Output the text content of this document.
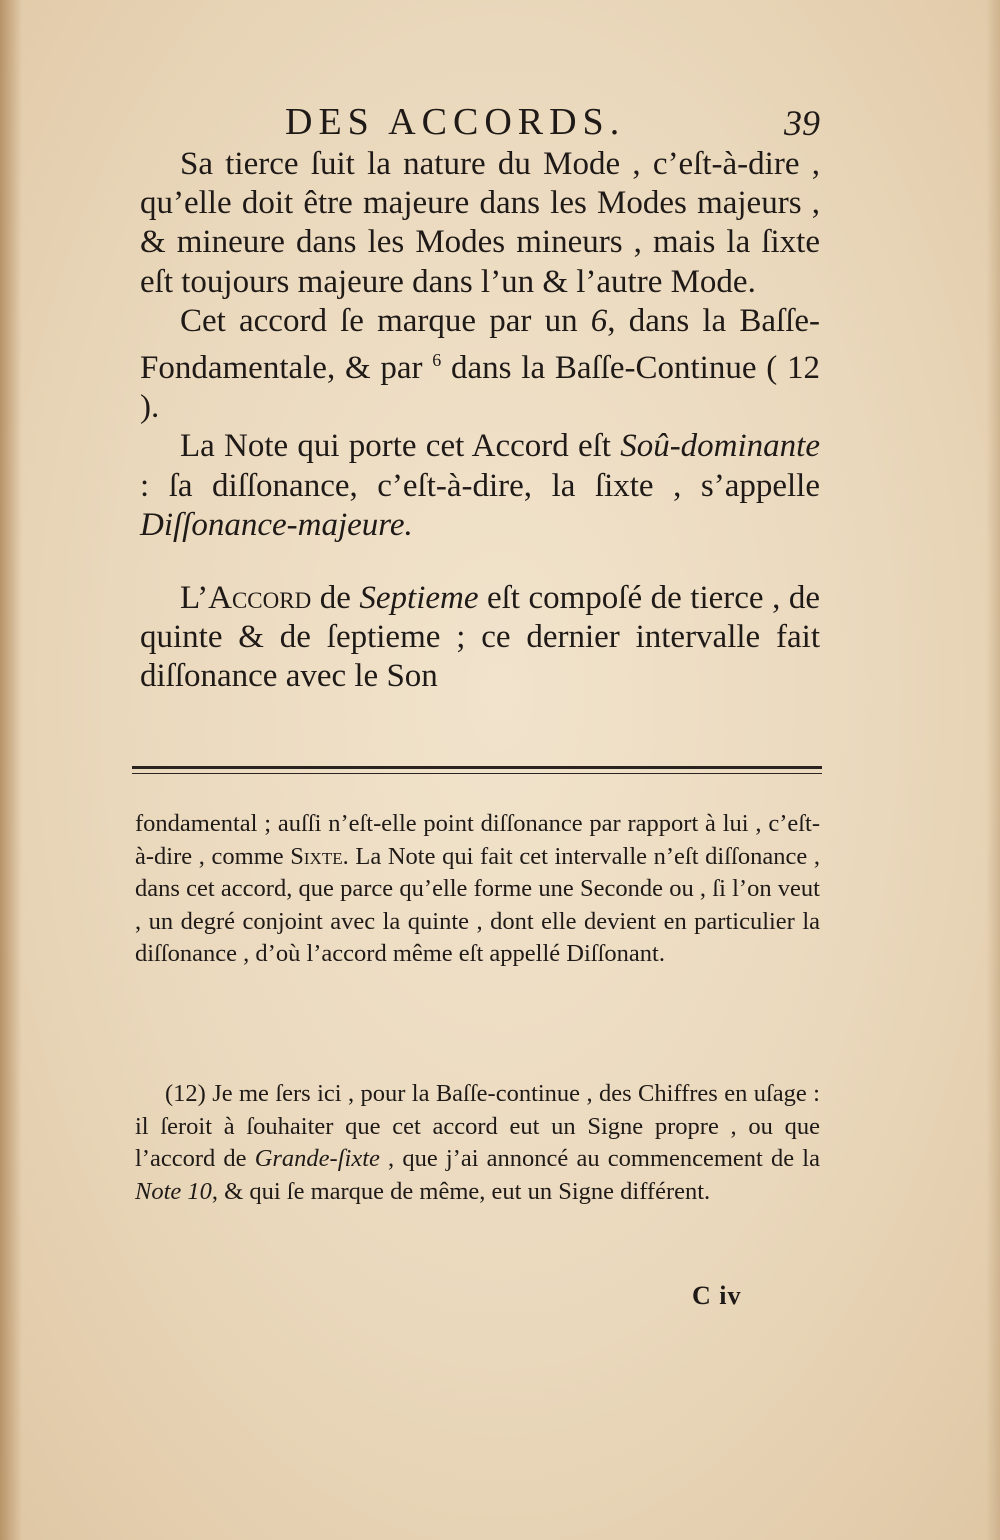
DES ACCORDS.	39

Sa tierce ſuit la nature du Mode , c’eſt-à-dire , qu’elle doit être majeure dans les Modes majeurs , & mineure dans les Modes mineurs , mais la ſixte eſt toujours majeure dans l’un & l’autre Mode.

Cet accord ſe marque par un 6, dans la Baſſe-Fondamentale, & par $^6$ dans la Baſſe-Continue ( 12 ).

La Note qui porte cet Accord eſt Soû-dominante : ſa diſſonance, c’eſt-à-dire, la ſixte , s’appelle Diſſonance-majeure.

L’Accord de Septieme eſt compoſé de tierce , de quinte & de ſeptieme ; ce dernier intervalle fait diſſonance avec le Son

fondamental ; auſſi n’eſt-elle point diſſonance par rapport à lui , c’eſt-à-dire , comme Sixte. La Note qui fait cet intervalle n’eſt diſſonance , dans cet accord, que parce qu’elle forme une Seconde ou , ſi l’on veut , un degré conjoint avec la quinte , dont elle devient en particulier la diſſonance , d’où l’accord même eſt appellé Diſſonant.

(12) Je me ſers ici , pour la Baſſe-continue , des Chiffres en uſage : il ſeroit à ſouhaiter que cet accord eut un Signe propre , ou que l’accord de Grande-ſixte , que j’ai annoncé au commencement de la Note 10, & qui ſe marque de même, eut un Signe différent.

C iv
